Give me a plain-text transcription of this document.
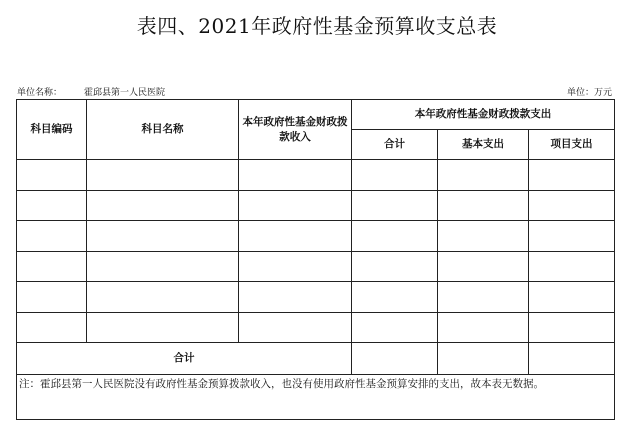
表四、2021年政府性基金预算收支总表
单位名称： 霍邱县第一人民医院	单位：万元
科目编码	科目名称	本年政府性基金财政拨款收入	本年政府性基金财政拨款支出		
			合计	基本支出	项目支出

合计					
注：霍邱县第一人民医院没有政府性基金预算拨款收入，也没有使用政府性基金预算安排的支出，故本表无数据。					
